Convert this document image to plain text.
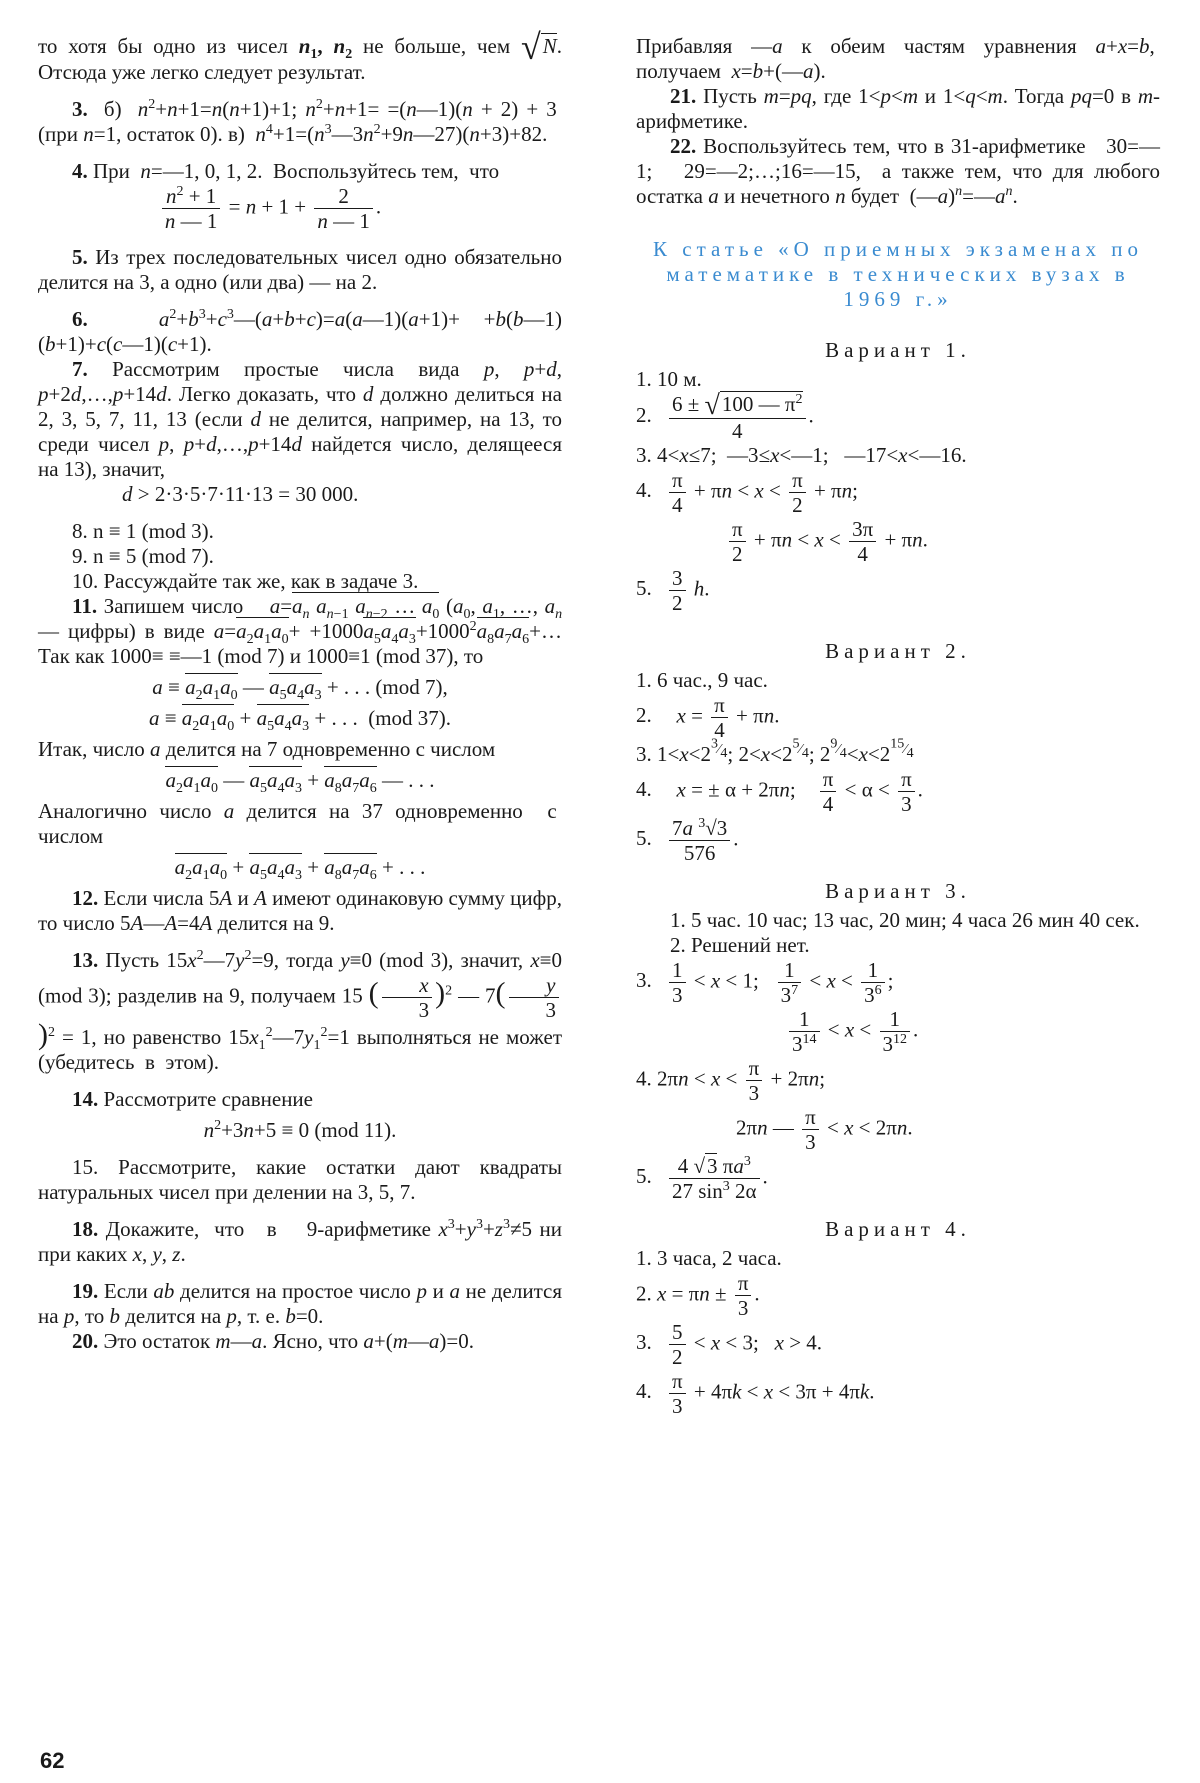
то хотя бы одно из чисел $n_1$, $n_2$ не больше, чем √N. Отсюда уже легко следует результат.

3.  б)  $n^2+n+1=n(n+1)+1$; $n^2+n+1=$ =(n—1)(n + 2) + 3  (при n=1, остаток 0). в)  $n^4+1=(n^3—3n^2+9n—27)(n+3)+82$.

4. При  n=—1, 0, 1, 2.  Воспользуйтесь тем,  что

$\frac{n^2 + 1}{n — 1} = n + 1 + \frac{2}{n — 1}$ .

5. Из трех последовательных чисел одно обязательно делится на 3, а одно (или два) — на 2.

6.	$a^2+b^3+c^3—(a+b+c)=a(a—1)(a+1)+$ +b(b—1)(b+1)+c(c—1)(c+1).

7. Рассмотрим простые числа вида p, p+d, p+2d,…,p+14d. Легко доказать, что d должно делиться на 2, 3, 5, 7, 11, 13 (если d не делится, например, на 13, то среди чисел p, p+d,…,p+14d найдется число, делящееся на 13), значит,

d > 2·3·5·7·11·13 = 30 000.

8. n ≡ 1 (mod 3).

9. n ≡ 5 (mod 7).

10. Рассуждайте так же, как в задаче 3.

11. Запишем число    $a=a_n$ $a_{n-1}$ $a_{n-2}$ … $a_0$ ($a_0$, $a_1$, …, $a_n$ — цифры) в виде $a=a_2a_1a_0+$ $+1000a_5a_4a_3+1000^2a_8a_7a_6+\dots$ Так как 1000≡ ≡—1 (mod 7) и 1000≡1 (mod 37), то

$a \equiv a_2a_1a_0$ — $a_5a_4a_3$ + . . . (mod 7),

$a \equiv a_2a_1a_0 + a_5a_4a_3$ + . . .  (mod 37).

Итак, число a делится на 7 одновременно с числом

$a_2a_1a_0$ — $a_5a_4a_3 + a_8a_7a_6$ — . . .

Аналогично число a делится на 37 одновременно  с  числом

$a_2a_1a_0 + a_5a_4a_3 + a_8a_7a_6$ + . . .

12. Если числа 5A и A имеют одинаковую сумму цифр, то число 5A—A=4A делится на 9.

13. Пусть $15x^2—7y^2=9$, тогда y≡0 (mod 3), значит, x≡0 (mod 3); разделив на 9, получаем 15 ( $\frac{x}{3} )^2$ — $7( \frac{y}{3}$
)$^2$ = 1, но равенство $15x_1^2—7y_1^2=1$ выполняться не может (убедитесь  в  этом).

14. Рассмотрите сравнение

$n^2+3n+5 \equiv 0$ (mod 11).

15. Рассмотрите, какие остатки дают квадраты натуральных чисел при делении на 3, 5, 7.

18. Докажите,  что   в    9-арифметике $x^3+y^3+z^3\ne 5$ ни при каких x, y, z.

19. Если ab делится на простое число p и a не делится на p, то b делится на p, т. е. b=0.

20. Это остаток m—a. Ясно, что a+(m—a)=0.

Прибавляя —a к обеим частям уравнения a+x=b,  получаем  x=b+(—a).

21. Пусть m=pq, где 1<p<m и 1<q<m. Тогда pq=0 в m-арифметике.

22. Воспользуйтесь тем, что в 31-арифметике   30=—1;   29=—2;…;16=—15,  а также тем, что для любого остатка a и нечетного n будет  $(—a)^n=—a^n$.

К статье «О приемных экзаменах по математике в технических вузах в 1969 г.»

Вариант 1.

1. 10 м.

2. $\frac{6 \pm √100 — \pi^2}{4}$ .

3. 4<x≤7;  —3≤x<—1;   —17<x<—16.

4. $\frac{\pi}{4} + \pi n < x < \frac{\pi}{2} + \pi n$;

$\frac{\pi}{2} + \pi n < x < \frac{3\pi}{4} + \pi n$.

5. $\frac{3}{2} h$.

Вариант 2.

1. 6 час., 9 час.

2. $x = \frac{\pi}{4} + \pi n$.

3. $1<x<2^{^3⁄_4}$; $2<x<2^{^5⁄_4}$; $2^{^9⁄_4}<x<2^{^{15}⁄_4}$

4. x = ± α + 2πn; $\frac{\pi}{4} < \alpha < \frac{\pi}{3}$ .

5. $\frac{7a ^3√3}{576}$ .

Вариант 3.

1. 5 час. 10 час; 13 час, 20 мин; 4 часа 26 мин 40 сек.

2. Решений нет.

3. $\frac{1}{3} < x < 1$; $\frac{1}{3^7} < x < \frac{1}{3^6}$ ;

$\frac{1}{3^{14}} < x < \frac{1}{3^{12}}$ .

4. $2\pi n < x < \frac{\pi}{3} + 2\pi n$;

2πn — $\frac{\pi}{3} < x < 2\pi n$.

5. $\frac{4 √3 \pi a^3}{27 \sin^3 2\alpha}$ .

Вариант 4.

1. 3 часа, 2 часа.

2. $x = \pi n \pm \frac{\pi}{3}$ .

3. $\frac{5}{2} < x < 3$;   x > 4.

4. $\frac{\pi}{3} + 4\pi k < x < 3\pi + 4\pi k$.

62
